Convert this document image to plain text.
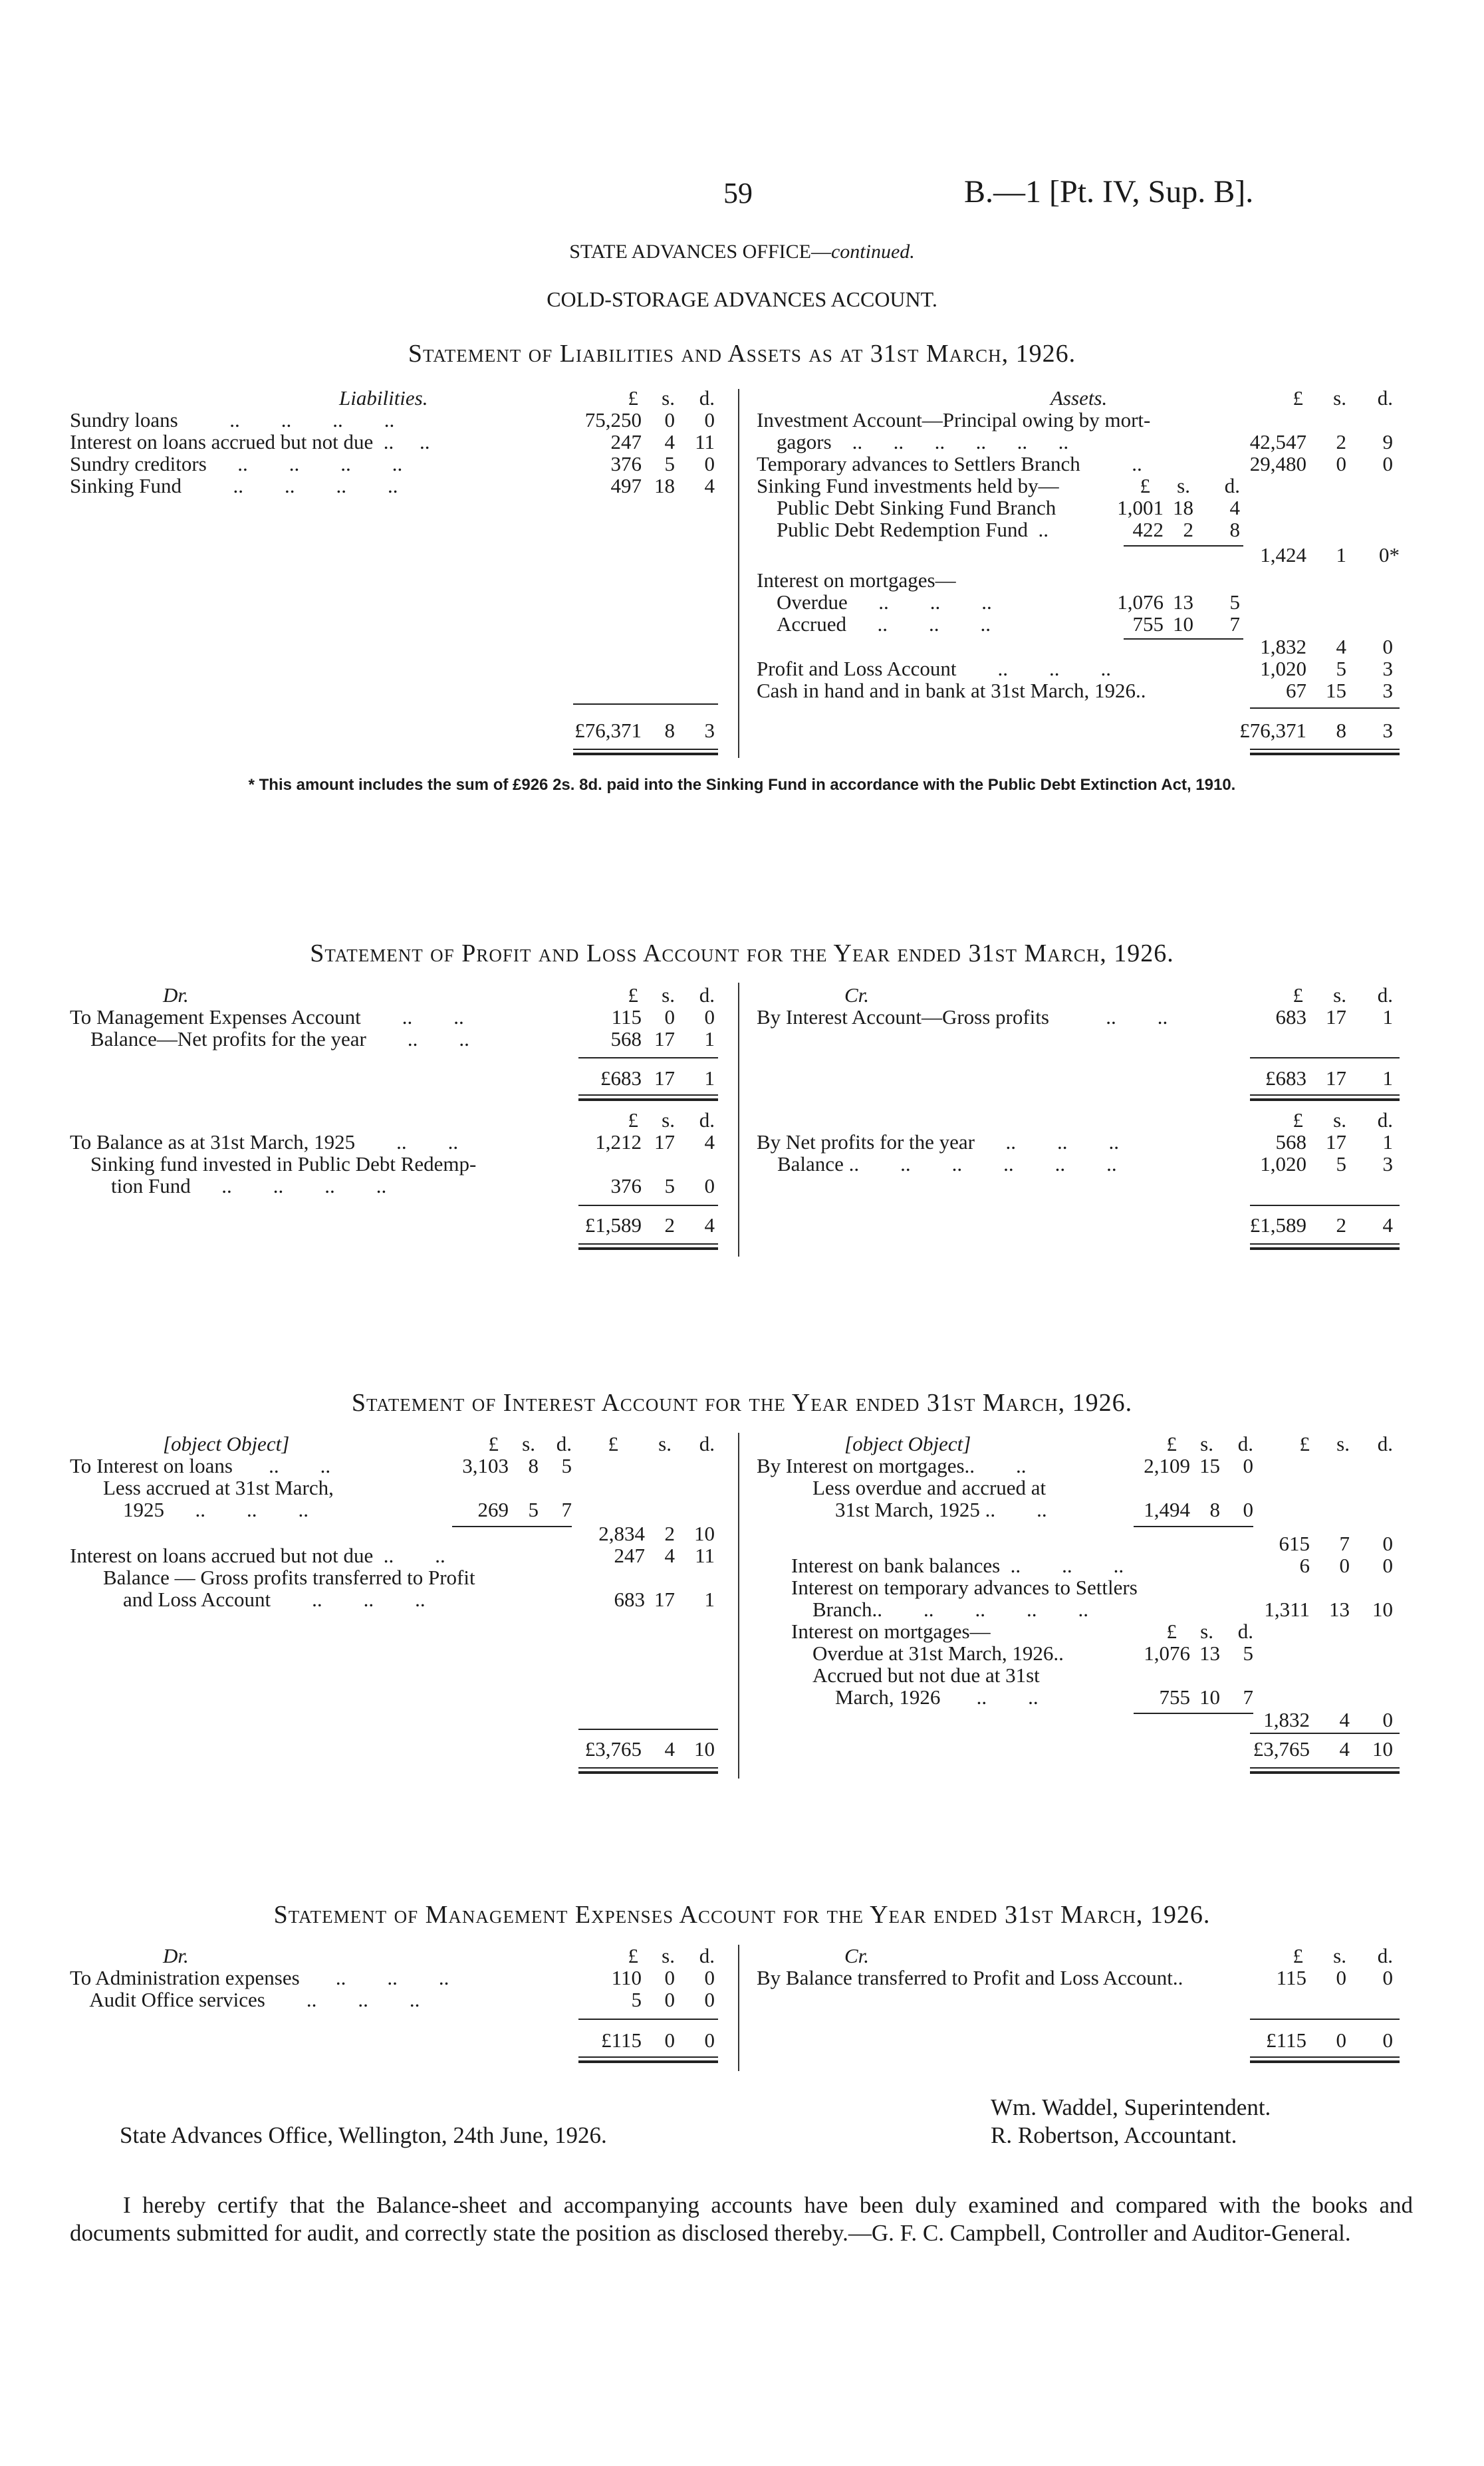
59	B.—1 [Pt. IV, Sup. B].
STATE ADVANCES OFFICE—continued.
COLD-STORAGE ADVANCES ACCOUNT.
Statement of Liabilities and Assets as at 31st March, 1926.
Liabilities.	£	s.	d.
Sundry loans          ..        ..        ..        ..	75,250	0	0
Interest on loans accrued but not due  ..     ..	247	4 11
Sundry creditors      ..        ..        ..        ..	376	5	0
Sinking Fund          ..        ..        ..        ..	497 18	4
£76,371	8	3
Assets.	£	s.	d.
Investment Account—Principal owing by mort-
gagors    ..      ..      ..      ..      ..      ..	42,547	2	9
Temporary advances to Settlers Branch          ..	29,480	0	0
Sinking Fund investments held by—	£	s.	d.
Public Debt Sinking Fund Branch	1,001 18	4
Public Debt Redemption Fund  ..	422 2	8
1,424	1	0*
Interest on mortgages—
Overdue      ..        ..        ..	1,076 13	5
Accrued      ..        ..        ..	755 10	7
1,832	4	0
Profit and Loss Account        ..        ..        ..	1,020	5	3
Cash in hand and in bank at 31st March, 1926..	67 15	3
£76,371	8	3
* This amount includes the sum of £926 2s. 8d. paid into the Sinking Fund in accordance with the Public Debt Extinction Act, 1910.
Statement of Profit and Loss Account for the Year ended 31st March, 1926.
Dr.	£	s.	d.
To Management Expenses Account        ..        ..	115	0	0
Balance—Net profits for the year        ..        ..	568 17	1
£683 17	1
£	s.	d.
To Balance as at 31st March, 1925        ..        ..	1,212 17	4
Sinking fund invested in Public Debt Redemp-
tion Fund      ..        ..        ..        ..	376	5	0
£1,589	2	4
Cr.	£	s.	d.
By Interest Account—Gross profits           ..        ..	683 17	1
£683 17	1
£	s.	d.
By Net profits for the year      ..        ..        ..	568 17	1
Balance ..        ..        ..        ..        ..        ..	1,020	5	3
£1,589	2	4
Statement of Interest Account for the Year ended 31st March, 1926.
[object Object]	£	s.	d.	£	s.	d.
To Interest on loans       ..        ..	3,103 8	5
Less accrued at 31st March,
1925      ..        ..        ..	269 5	7
2,834 2 10
Interest on loans accrued but not due  ..        ..	247 4 11
Balance — Gross profits transferred to Profit
and Loss Account        ..        ..        ..	683 17	1
£3,765	4 10
[object Object]	£	s.	d.	£	s.	d.
By Interest on mortgages..        ..	2,109 15	0
Less overdue and accrued at
31st March, 1925 ..        ..	1,494 8	0
615	7	0
Interest on bank balances  ..        ..        ..	6	0	0
Interest on temporary advances to Settlers
Branch..        ..        ..        ..        ..	1,311 13	10
Interest on mortgages—	£	s.	d.
Overdue at 31st March, 1926..	1,076 13	5
Accrued but not due at 31st
March, 1926       ..        ..	755 10	7
1,832	4	0
£3,765	4	10
Statement of Management Expenses Account for the Year ended 31st March, 1926.
Dr.	£	s.	d.
To Administration expenses       ..        ..        ..	110	0	0
Audit Office services        ..        ..        ..	5	0	0
£115	0	0
Cr.	£	s.	d.
By Balance transferred to Profit and Loss Account..	115	0	0
£115	0	0
Wm. Waddel, Superintendent.
State Advances Office, Wellington, 24th June, 1926.	R. Robertson, Accountant.
I hereby certify that the Balance-sheet and accompanying accounts have been duly examined and compared with the books and documents submitted for audit, and correctly state the position as disclosed thereby.—G. F. C. Campbell, Controller and Auditor-General.
